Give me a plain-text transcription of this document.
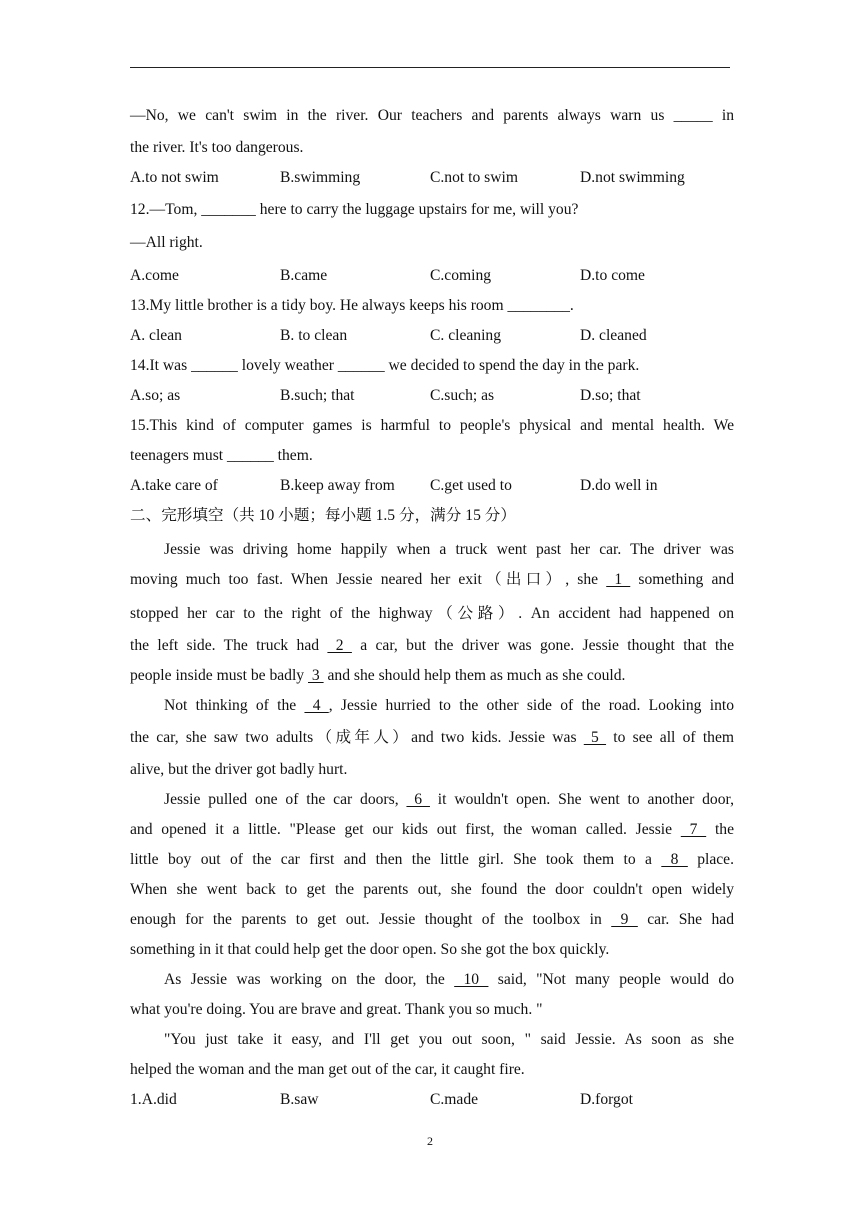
—No, we can't swim in the river. Our teachers and parents always warn us _____ in
the river. It's too dangerous.
A.to not swim	B.swimming	C.not to swim	D.not swimming
12.—Tom, _______ here to carry the luggage upstairs for me, will you?
—All right.
A.come	B.came	C.coming	D.to come
13.My little brother is a tidy boy. He always keeps his room ________.
A. clean	B. to clean	C. cleaning	D. cleaned
14.It was ______ lovely weather ______ we decided to spend the day in the park.
A.so; as	B.such; that	C.such; as	D.so; that
15.This kind of computer games is harmful to people's physical and mental health. We
teenagers must ______ them.
A.take care of	B.keep away from C.get used to	D.do well in
二、完形填空（共 10 小题；每小题 1.5 分，满分 15 分）
Jessie was driving home happily when a truck went past her car. The driver was
moving much too fast. When Jessie neared her exit（出口）, she  1  something and
stopped her car to the right of the highway（公路）. An accident had happened on
the left side. The truck had  2  a car, but the driver was gone. Jessie thought that the
people inside must be badly  3  and she should help them as much as she could.
Not thinking of the  4 , Jessie hurried to the other side of the road. Looking into
the car, she saw two adults（成年人）and two kids. Jessie was  5  to see all of them
alive, but the driver got badly hurt.
Jessie pulled one of the car doors,  6  it wouldn't open. She went to another door,
and opened it a little. "Please get our kids out first, the woman called. Jessie  7  the
little boy out of the car first and then the little girl. She took them to a  8  place.
When she went back to get the parents out, she found the door couldn't open widely
enough for the parents to get out. Jessie thought of the toolbox in  9  car. She had
something in it that could help get the door open. So she got the box quickly.
As Jessie was working on the door, the  10  said, "Not many people would do
what you're doing. You are brave and great. Thank you so much. "
"You just take it easy, and I'll get you out soon, " said Jessie. As soon as she
helped the woman and the man get out of the car, it caught fire.
1.A.did	B.saw	C.made	D.forgot
2
